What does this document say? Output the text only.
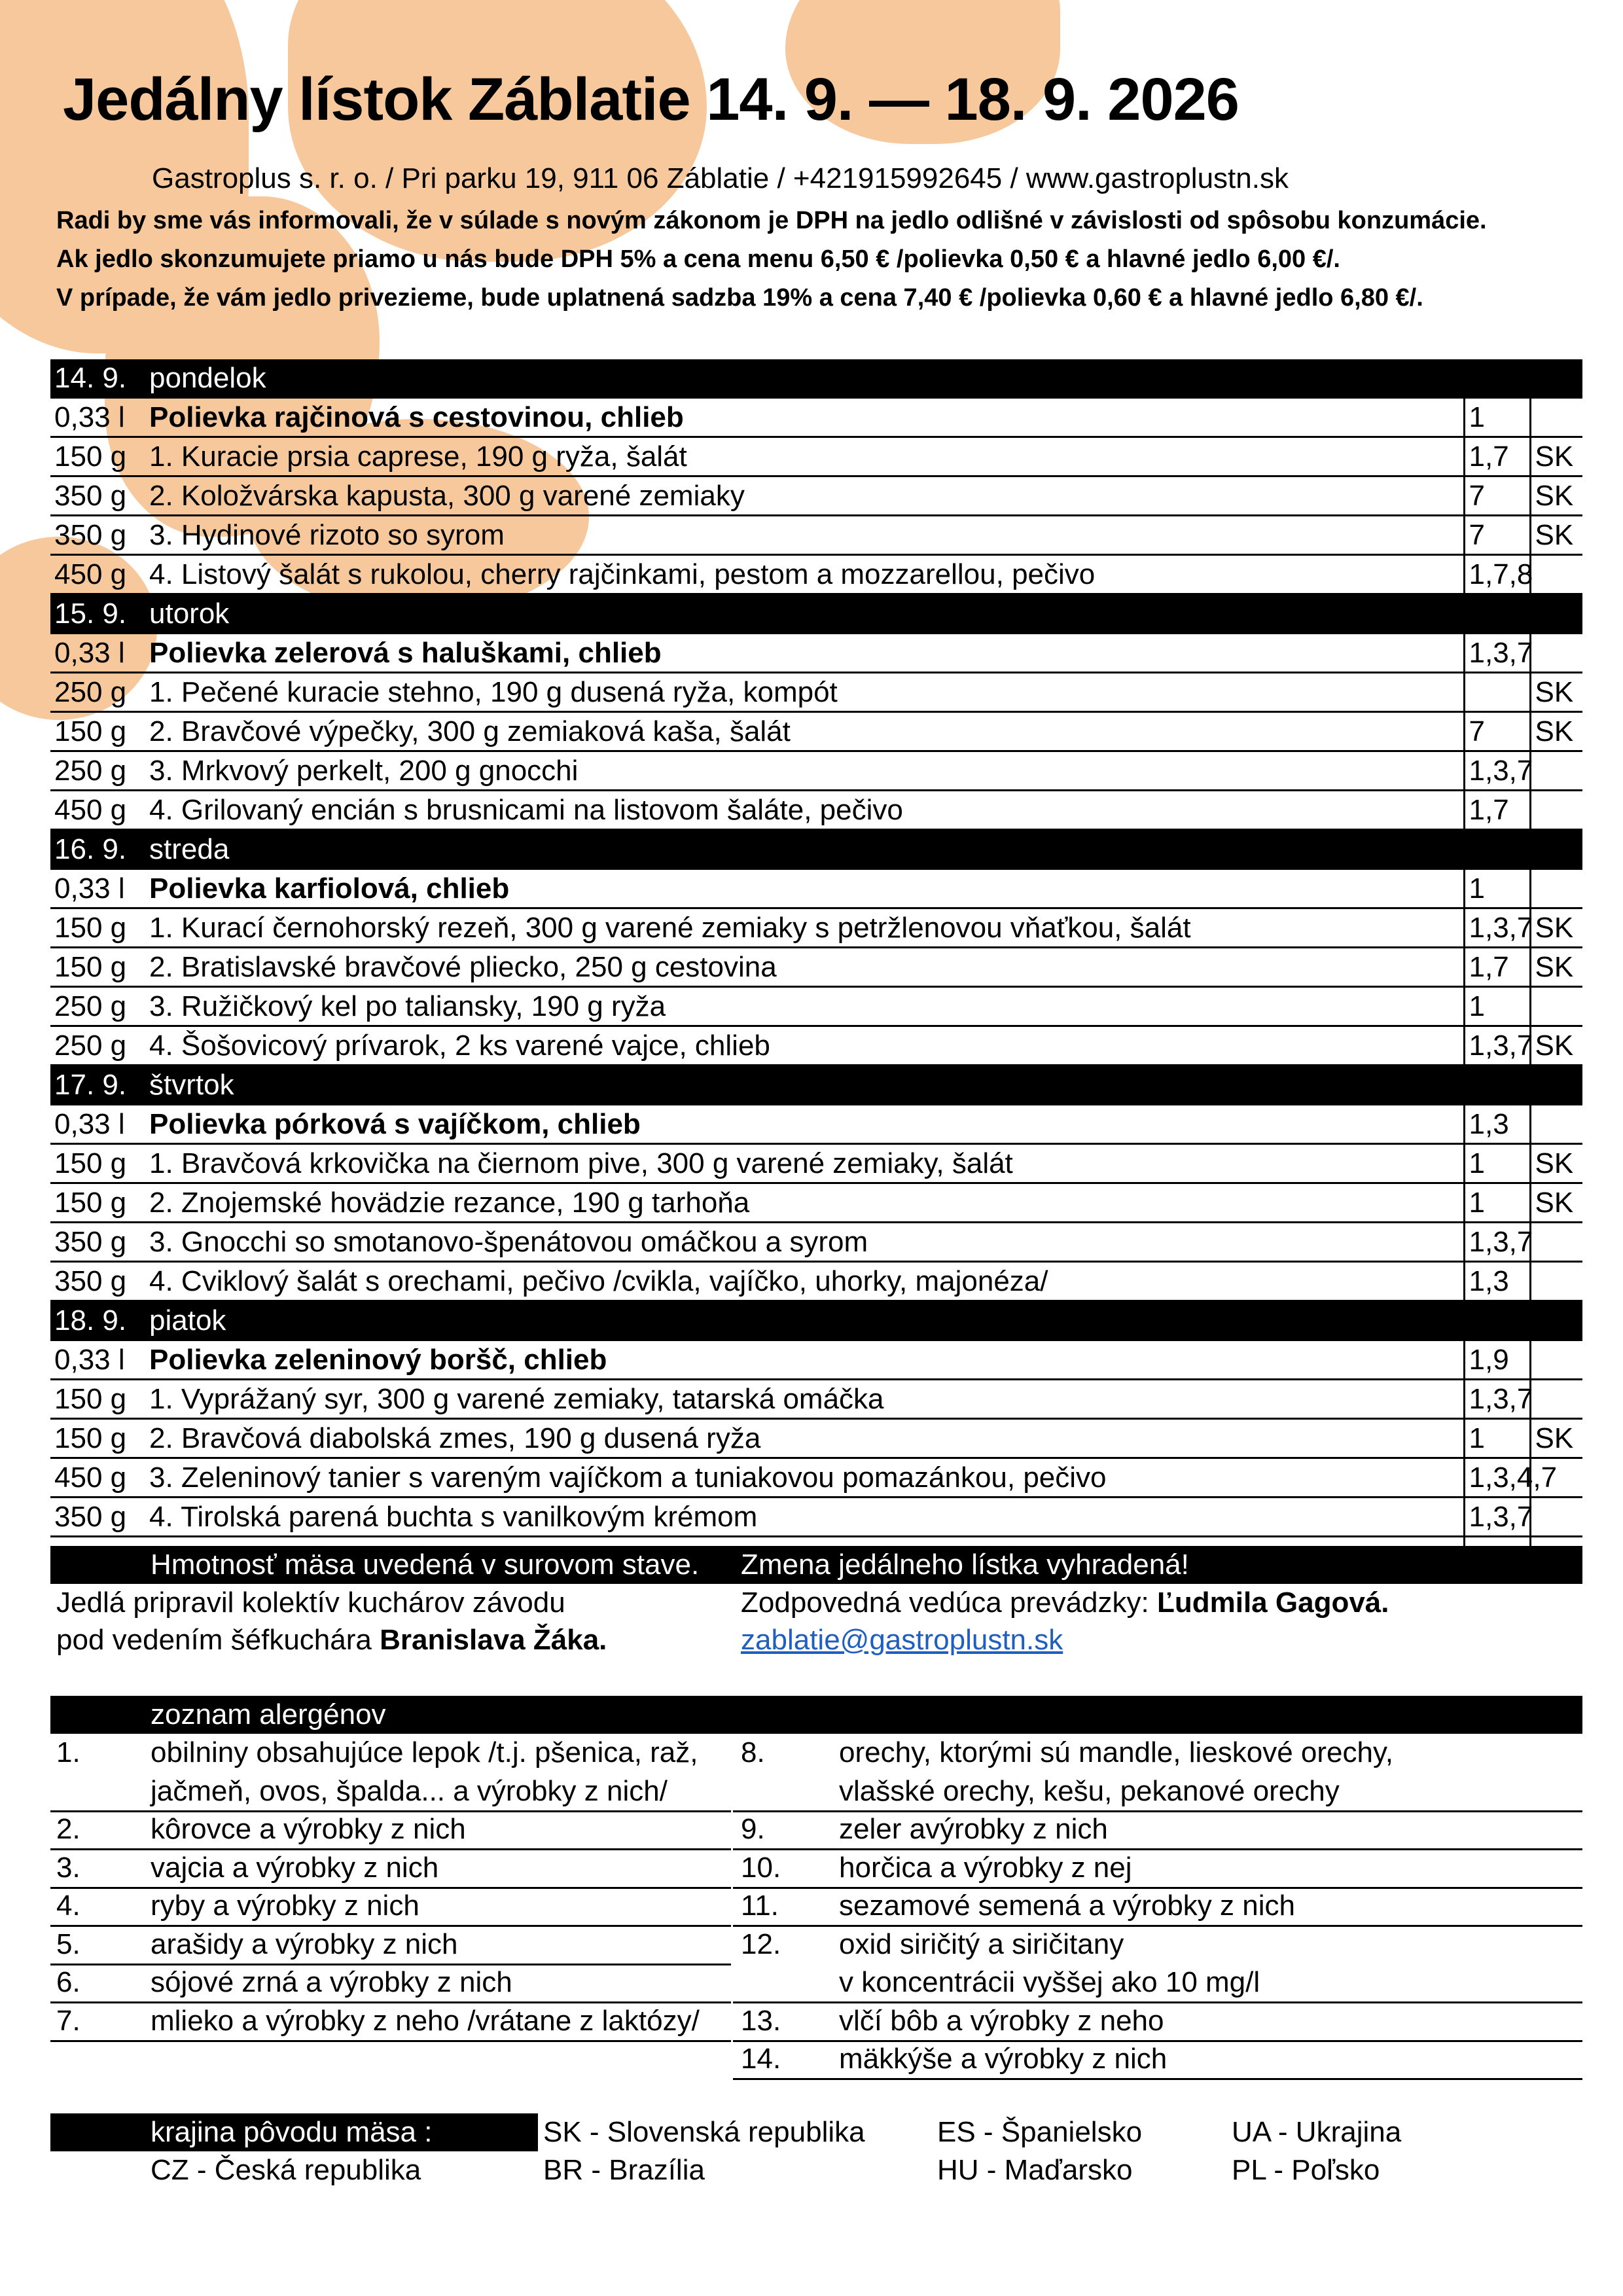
Jedálny lístok Záblatie 14. 9. — 18. 9. 2026
Gastroplus s. r. o. / Pri parku 19, 911 06 Záblatie / +421915992645 / www.gastroplustn.sk
Radi by sme vás informovali, že v súlade s novým zákonom je DPH na jedlo odlišné v závislosti od spôsobu konzumácie.
Ak jedlo skonzumujete priamo u nás bude DPH 5% a cena menu 6,50 € /polievka 0,50 € a hlavné jedlo 6,00 €/.
V prípade, že vám jedlo privezieme, bude uplatnená sadzba 19% a cena 7,40 € /polievka 0,60 € a hlavné jedlo 6,80 €/.
14. 9.	pondelok		
0,33 l	Polievka rajčinová s cestovinou, chlieb	1	
150 g	1. Kuracie prsia caprese, 190 g ryža, šalát	1,7	SK
350 g	2. Koložvárska kapusta, 300 g varené zemiaky	7	SK
350 g	3. Hydinové rizoto so syrom	7	SK
450 g	4. Listový šalát s rukolou, cherry rajčinkami, pestom a mozzarellou, pečivo	1,7,8	
15. 9.	utorok		
0,33 l	Polievka zelerová s haluškami, chlieb	1,3,7	
250 g	1. Pečené kuracie stehno, 190 g dusená ryža, kompót		SK
150 g	2. Bravčové výpečky, 300 g zemiaková kaša, šalát	7	SK
250 g	3. Mrkvový perkelt, 200 g gnocchi	1,3,7	
450 g	4. Grilovaný encián s brusnicami na listovom šaláte, pečivo	1,7	
16. 9.	streda		
0,33 l	Polievka karfiolová, chlieb	1	
150 g	1. Kurací černohorský rezeň, 300 g varené zemiaky s petržlenovou vňaťkou, šalát	1,3,7	SK
150 g	2. Bratislavské bravčové pliecko, 250 g cestovina	1,7	SK
250 g	3. Ružičkový kel po taliansky, 190 g ryža	1	
250 g	4. Šošovicový prívarok, 2 ks varené vajce, chlieb	1,3,7	SK
17. 9.	štvrtok		
0,33 l	Polievka pórková s vajíčkom, chlieb	1,3	
150 g	1. Bravčová krkovička na čiernom pive, 300 g varené zemiaky, šalát	1	SK
150 g	2. Znojemské hovädzie rezance, 190 g tarhoňa	1	SK
350 g	3. Gnocchi so smotanovo-špenátovou omáčkou a syrom	1,3,7	
350 g	4. Cviklový šalát s orechami, pečivo /cvikla, vajíčko, uhorky, majonéza/	1,3	
18. 9.	piatok		
0,33 l	Polievka zeleninový boršč, chlieb	1,9	
150 g	1. Vyprážaný syr, 300 g varené zemiaky, tatarská omáčka	1,3,7	
150 g	2. Bravčová diabolská zmes, 190 g dusená ryža	1	SK
450 g	3. Zeleninový tanier s vareným vajíčkom a tuniakovou pomazánkou, pečivo	1,3,4,7	
350 g	4. Tirolská parená buchta s vanilkovým krémom	1,3,7	

Hmotnosť mäsa uvedená v surovom stave. Zmena jedálneho lístka vyhradená!
Jedlá pripravil kolektív kuchárov závodu
pod vedením šéfkuchára Branislava Žáka.
Zodpovedná vedúca prevádzky: Ľudmila Gagová.
zablatie@gastroplustn.sk
zoznam alergénov
1. obilniny obsahujúce lepok /t.j. pšenica, raž,
jačmeň, ovos, špalda... a výrobky z nich/
2. kôrovce a výrobky z nich
3. vajcia a výrobky z nich
4. ryby a výrobky z nich
5. arašidy a výrobky z nich
6. sójové zrná a výrobky z nich
7. mlieko a výrobky z neho /vrátane z laktózy/
8.	orechy, ktorými sú mandle, lieskové orechy,
vlašské orechy, kešu, pekanové orechy
9.	zeler avýrobky z nich
10. horčica a výrobky z nej
11. sezamové semená a výrobky z nich
12. oxid siričitý a siričitany
v koncentrácii vyššej ako 10 mg/l
13. vlčí bôb a výrobky z neho
14. mäkkýše a výrobky z nich
krajina pôvodu mäsa :	SK - Slovenská republika	ES - Španielsko	UA - Ukrajina
CZ - Česká republika	BR - Brazília	HU - Maďarsko	PL - Poľsko
